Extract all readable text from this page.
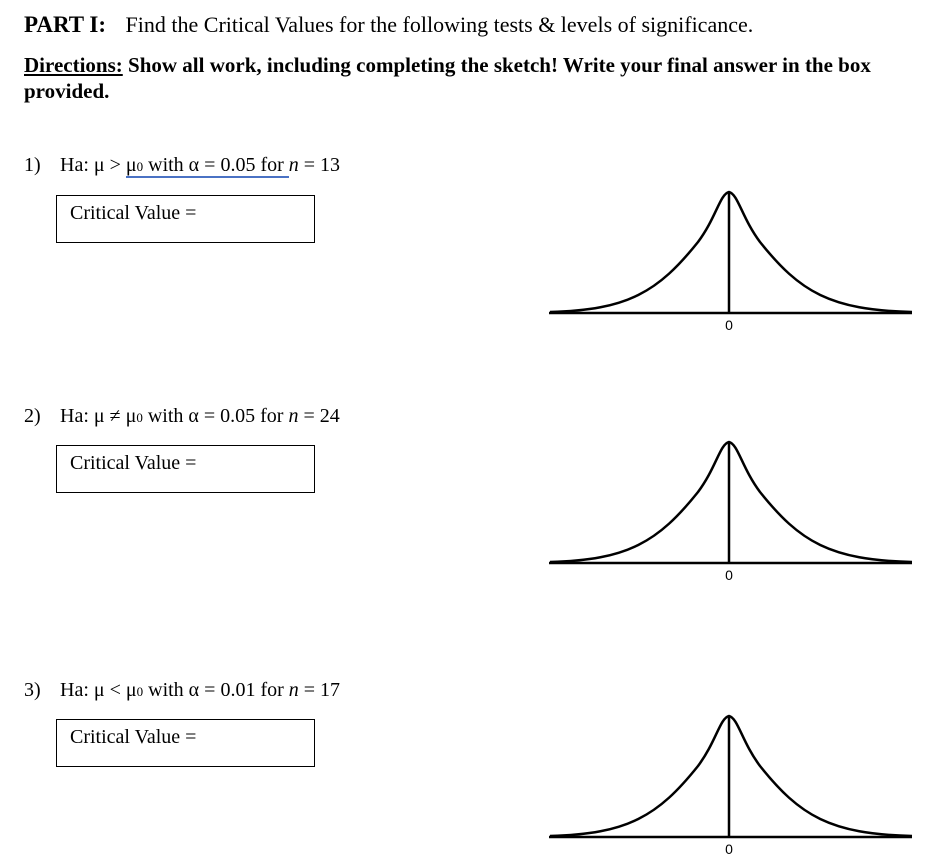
PART I: Find the Critical Values for the following tests & levels of significance.
Directions: Show all work, including completing the sketch! Write your final answer in the box provided.
1) Ha: μ > μ0 with α = 0.05 for n = 13
Critical Value =
0
2) Ha: μ ≠ μ0 with α = 0.05 for n = 24
Critical Value =
0
3) Ha: μ < μ0 with α = 0.01 for n = 17
Critical Value =
0
